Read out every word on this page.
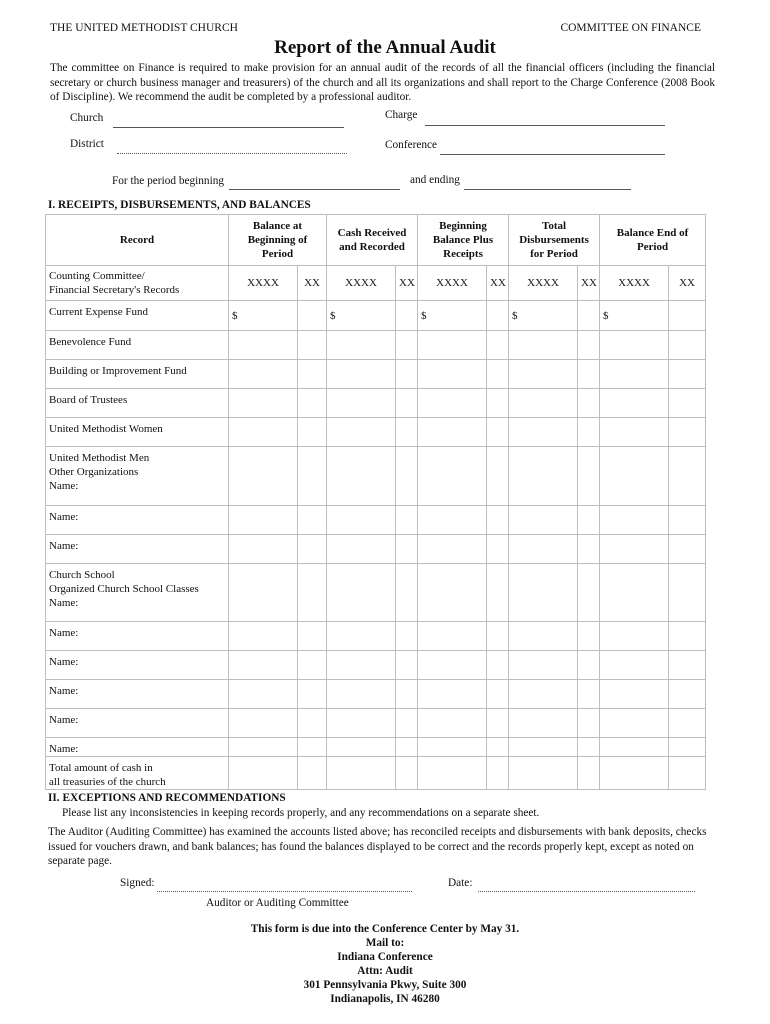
THE UNITED METHODIST CHURCH	COMMITTEE ON FINANCE
Report of the Annual Audit
The committee on Finance is required to make provision for an annual audit of the records of all the financial officers (including the financial secretary or church business manager and treasurers) of the church and all its organizations and shall report to the Charge Conference (2008 Book of Discipline). We recommend the audit be completed by a professional auditor.
Church	Charge
District	Conference
For the period beginning	and ending
I. RECEIPTS, DISBURSEMENTS, AND BALANCES
Record	Balance at Beginning of Period		Cash Received and Recorded		Beginning Balance Plus Receipts		Total Disbursements for Period		Balance End of Period	
Counting Committee/
Financial Secretary's Records	XXXX	XX	XXXX	XX	XXXX	XX	XXXX	XX	XXXX	XX
Current Expense Fund	$		$		$		$		$	
Benevolence Fund										
Building or Improvement Fund										
Board of Trustees										
United Methodist Women										
United Methodist Men
Other Organizations
Name:										
Name:										
Name:										
Church School
Organized Church School Classes
Name:										
Name:										
Name:										
Name:										
Name:										
Name:										
Total amount of cash in
all treasuries of the church										
II. EXCEPTIONS AND RECOMMENDATIONS
Please list any inconsistencies in keeping records properly, and any recommendations on a separate sheet.
The Auditor (Auditing Committee) has examined the accounts listed above; has reconciled receipts and disbursements with bank deposits, checks issued for vouchers drawn, and bank balances; has found the balances displayed to be correct and the records properly kept, except as noted on separate page.
Signed:	Date:
Auditor or Auditing Committee
This form is due into the Conference Center by May 31.
Mail to:
Indiana Conference
Attn: Audit
301 Pennsylvania Pkwy, Suite 300
Indianapolis, IN 46280
